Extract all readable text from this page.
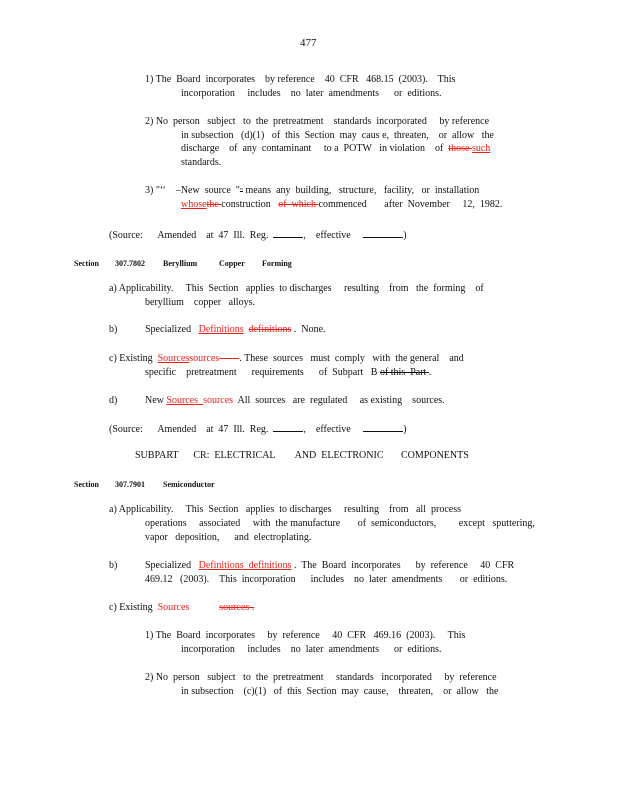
477
1) The  Board  incorporates    by reference    40  CFR   468.15  (2003).    This
incorporation     includes    no  later  amendments      or  editions.
2) No  person   subject   to  the  pretreatment    standards  incorporated     by reference
in subsection   (d)(1)   of  this  Section  may  caus e,  threaten,    or  allow   the
discharge    of  any  contaminant     to a  POTW   in violation    of  those such
standards.
3) "‘‘    –New  source  "” means  any  building,   structure,   facility,   or  installation
whosethe construction   of  which commenced       after  November     12,  1982.
(Source:      Amended    at  47  Ill.  Reg.	, effective	)
Section 307.7802 Beryllium	Copper Forming
a) Applicability.     This  Section   applies  to discharges     resulting    from   the  forming    of
beryllium    copper   alloys.
b)	Specialized   Definitions definitions .  None.
c) Existing  Sourcessources . These  sources   must  comply   with  the general    and
specific    pretreatment      requirements      of  Subpart   B of this  Part .
d)	New Sources sources  All  sources   are  regulated     as existing    sources.
(Source:      Amended    at  47  Ill.  Reg.	, effective	)
SUBPART      CR:  ELECTRICAL        AND  ELECTRONIC       COMPONENTS
Section 307.7901 Semiconductor
a) Applicability.     This  Section   applies  to discharges     resulting    from   all  process
operations     associated     with  the manufacture       of  semiconductors,         except   sputtering,
vapor   deposition,      and  electroplating.
b)	Specialized   Definitions definitions .  The  Board  incorporates      by  reference     40  CFR
469.12   (2003).    This  incorporation      includes    no  later  amendments       or  editions.
c) Existing  Sources	sources .
1) The  Board  incorporates     by  reference     40  CFR   469.16  (2003).     This
incorporation     includes    no  later  amendments      or  editions.
2) No  person   subject   to  the  pretreatment     standards   incorporated     by  reference
in subsection    (c)(1)   of  this  Section  may  cause,    threaten,    or  allow   the
